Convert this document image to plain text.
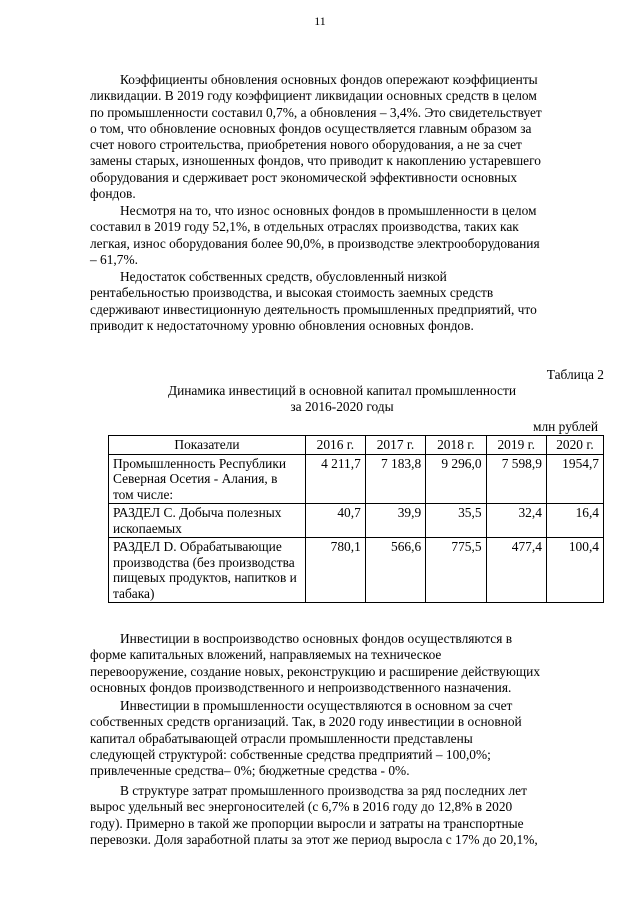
11
Коэффициенты обновления основных фондов опережают коэффициенты
ликвидации. В 2019 году коэффициент ликвидации основных средств в целом
по промышленности составил 0,7%, а обновления – 3,4%. Это свидетельствует
о том, что обновление основных фондов осуществляется главным образом за
счет нового строительства, приобретения нового оборудования, а не за счет
замены старых, изношенных фондов, что приводит к накоплению устаревшего
оборудования и сдерживает рост экономической эффективности основных
фондов.
Несмотря на то, что износ основных фондов в промышленности в целом
составил в 2019 году 52,1%, в отдельных отраслях производства, таких как
легкая, износ оборудования более 90,0%, в производстве электрооборудования
– 61,7%.
Недостаток собственных средств, обусловленный низкой
рентабельностью производства, и высокая стоимость заемных средств
сдерживают инвестиционную деятельность промышленных предприятий, что
приводит к недостаточному уровню обновления основных фондов.
Таблица 2
Динамика инвестиций в основной капитал промышленности
за 2016-2020 годы
млн рублей
Показатели	2016 г.	2017 г.	2018 г.	2019 г.	2020 г.
Промышленность Республики Северная Осетия - Алания, в том числе:	4 211,7	7 183,8	9 296,0	7 598,9	1954,7
РАЗДЕЛ С. Добыча полезных ископаемых	40,7	39,9	35,5	32,4	16,4
РАЗДЕЛ D. Обрабатывающие производства (без производства пищевых продуктов, напитков и табака)	780,1	566,6	775,5	477,4	100,4
Инвестиции в воспроизводство основных фондов осуществляются в
форме капитальных вложений, направляемых на техническое
перевооружение, создание новых, реконструкцию и расширение действующих
основных фондов производственного и непроизводственного назначения.
Инвестиции в промышленности осуществляются в основном за счет
собственных средств организаций. Так, в 2020 году инвестиции в основной
капитал обрабатывающей отрасли промышленности представлены
следующей структурой: собственные средства предприятий – 100,0%;
привлеченные средства– 0%; бюджетные средства - 0%.
В структуре затрат промышленного производства за ряд последних лет
вырос удельный вес энергоносителей (с 6,7% в 2016 году до 12,8% в 2020
году). Примерно в такой же пропорции выросли и затраты на транспортные
перевозки. Доля заработной платы за этот же период выросла с 17% до 20,1%,
